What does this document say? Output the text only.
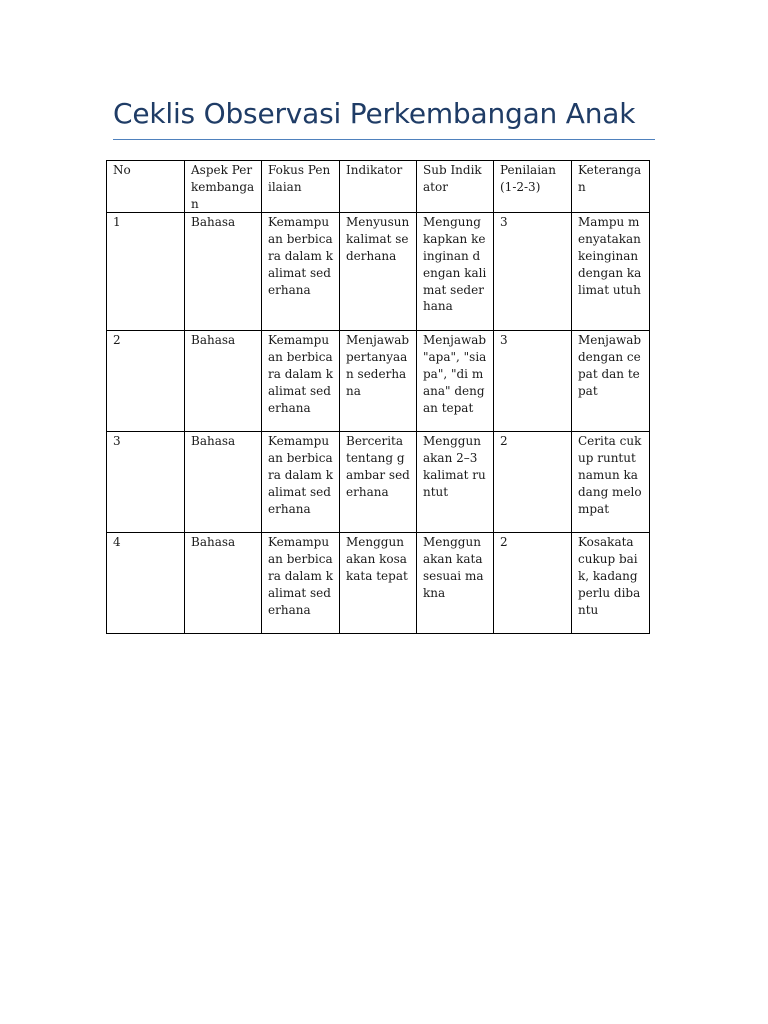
Ceklis Observasi Perkembangan Anak
No	Aspek Perkembangan	Fokus Penilaian	Indikator	Sub Indikator	Penilaian (1-2-3)	Keterangan
1	Bahasa	Kemampuan berbicara dalam kalimat sederhana	Menyusun kalimat sederhana	Mengungkapkan keinginan dengan kalimat sederhana	3	Mampu menyatakan keinginan dengan kalimat utuh
2	Bahasa	Kemampuan berbicara dalam kalimat sederhana	Menjawab pertanyaan sederhana	Menjawab "apa", "siapa", "di mana" dengan tepat	3	Menjawab dengan cepat dan tepat
3	Bahasa	Kemampuan berbicara dalam kalimat sederhana	Bercerita tentang gambar sederhana	Menggunakan 2–3 kalimat runtut	2	Cerita cukup runtut namun kadang melompat
4	Bahasa	Kemampuan berbicara dalam kalimat sederhana	Menggunakan kosakata tepat	Menggunakan kata sesuai makna	2	Kosakata cukup baik, kadang perlu dibantu
